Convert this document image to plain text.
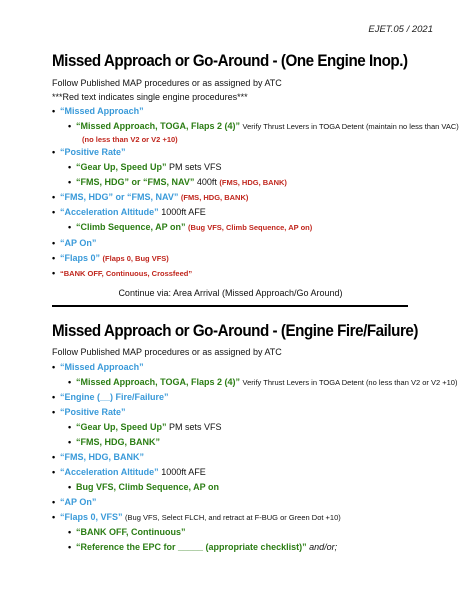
EJET.05 / 2021
Missed Approach or Go-Around - (One Engine Inop.)
Follow Published MAP procedures or as assigned by ATC
***Red text indicates single engine procedures***
• “Missed Approach”
• “Missed Approach, TOGA, Flaps 2 (4)” Verify Thrust Levers in TOGA Detent (maintain no less than VAC)
(no less than V2 or V2 +10)
• “Positive Rate”
• “Gear Up, Speed Up” PM sets VFS
• “FMS, HDG” or “FMS, NAV” 400ft (FMS, HDG, BANK)
• “FMS, HDG” or “FMS, NAV” (FMS, HDG, BANK)
• “Acceleration Altitude” 1000ft AFE
• “Climb Sequence, AP on” (Bug VFS, Climb Sequence, AP on)
• “AP On”
• “Flaps 0” (Flaps 0, Bug VFS)
• “BANK OFF, Continuous, Crossfeed”
Continue via: Area Arrival (Missed Approach/Go Around)
Missed Approach or Go-Around - (Engine Fire/Failure)
Follow Published MAP procedures or as assigned by ATC
• “Missed Approach”
• “Missed Approach, TOGA, Flaps 2 (4)” Verify Thrust Levers in TOGA Detent (no less than V2 or V2 +10)
• “Engine (__) Fire/Failure”
• “Positive Rate”
• “Gear Up, Speed Up” PM sets VFS
• “FMS, HDG, BANK”
• “FMS, HDG, BANK”
• “Acceleration Altitude” 1000ft AFE
• Bug VFS, Climb Sequence, AP on
• “AP On”
• “Flaps 0, VFS” (Bug VFS, Select FLCH, and retract at F-BUG or Green Dot +10)
• “BANK OFF, Continuous”
• “Reference the EPC for _____ (appropriate checklist)” and/or;
